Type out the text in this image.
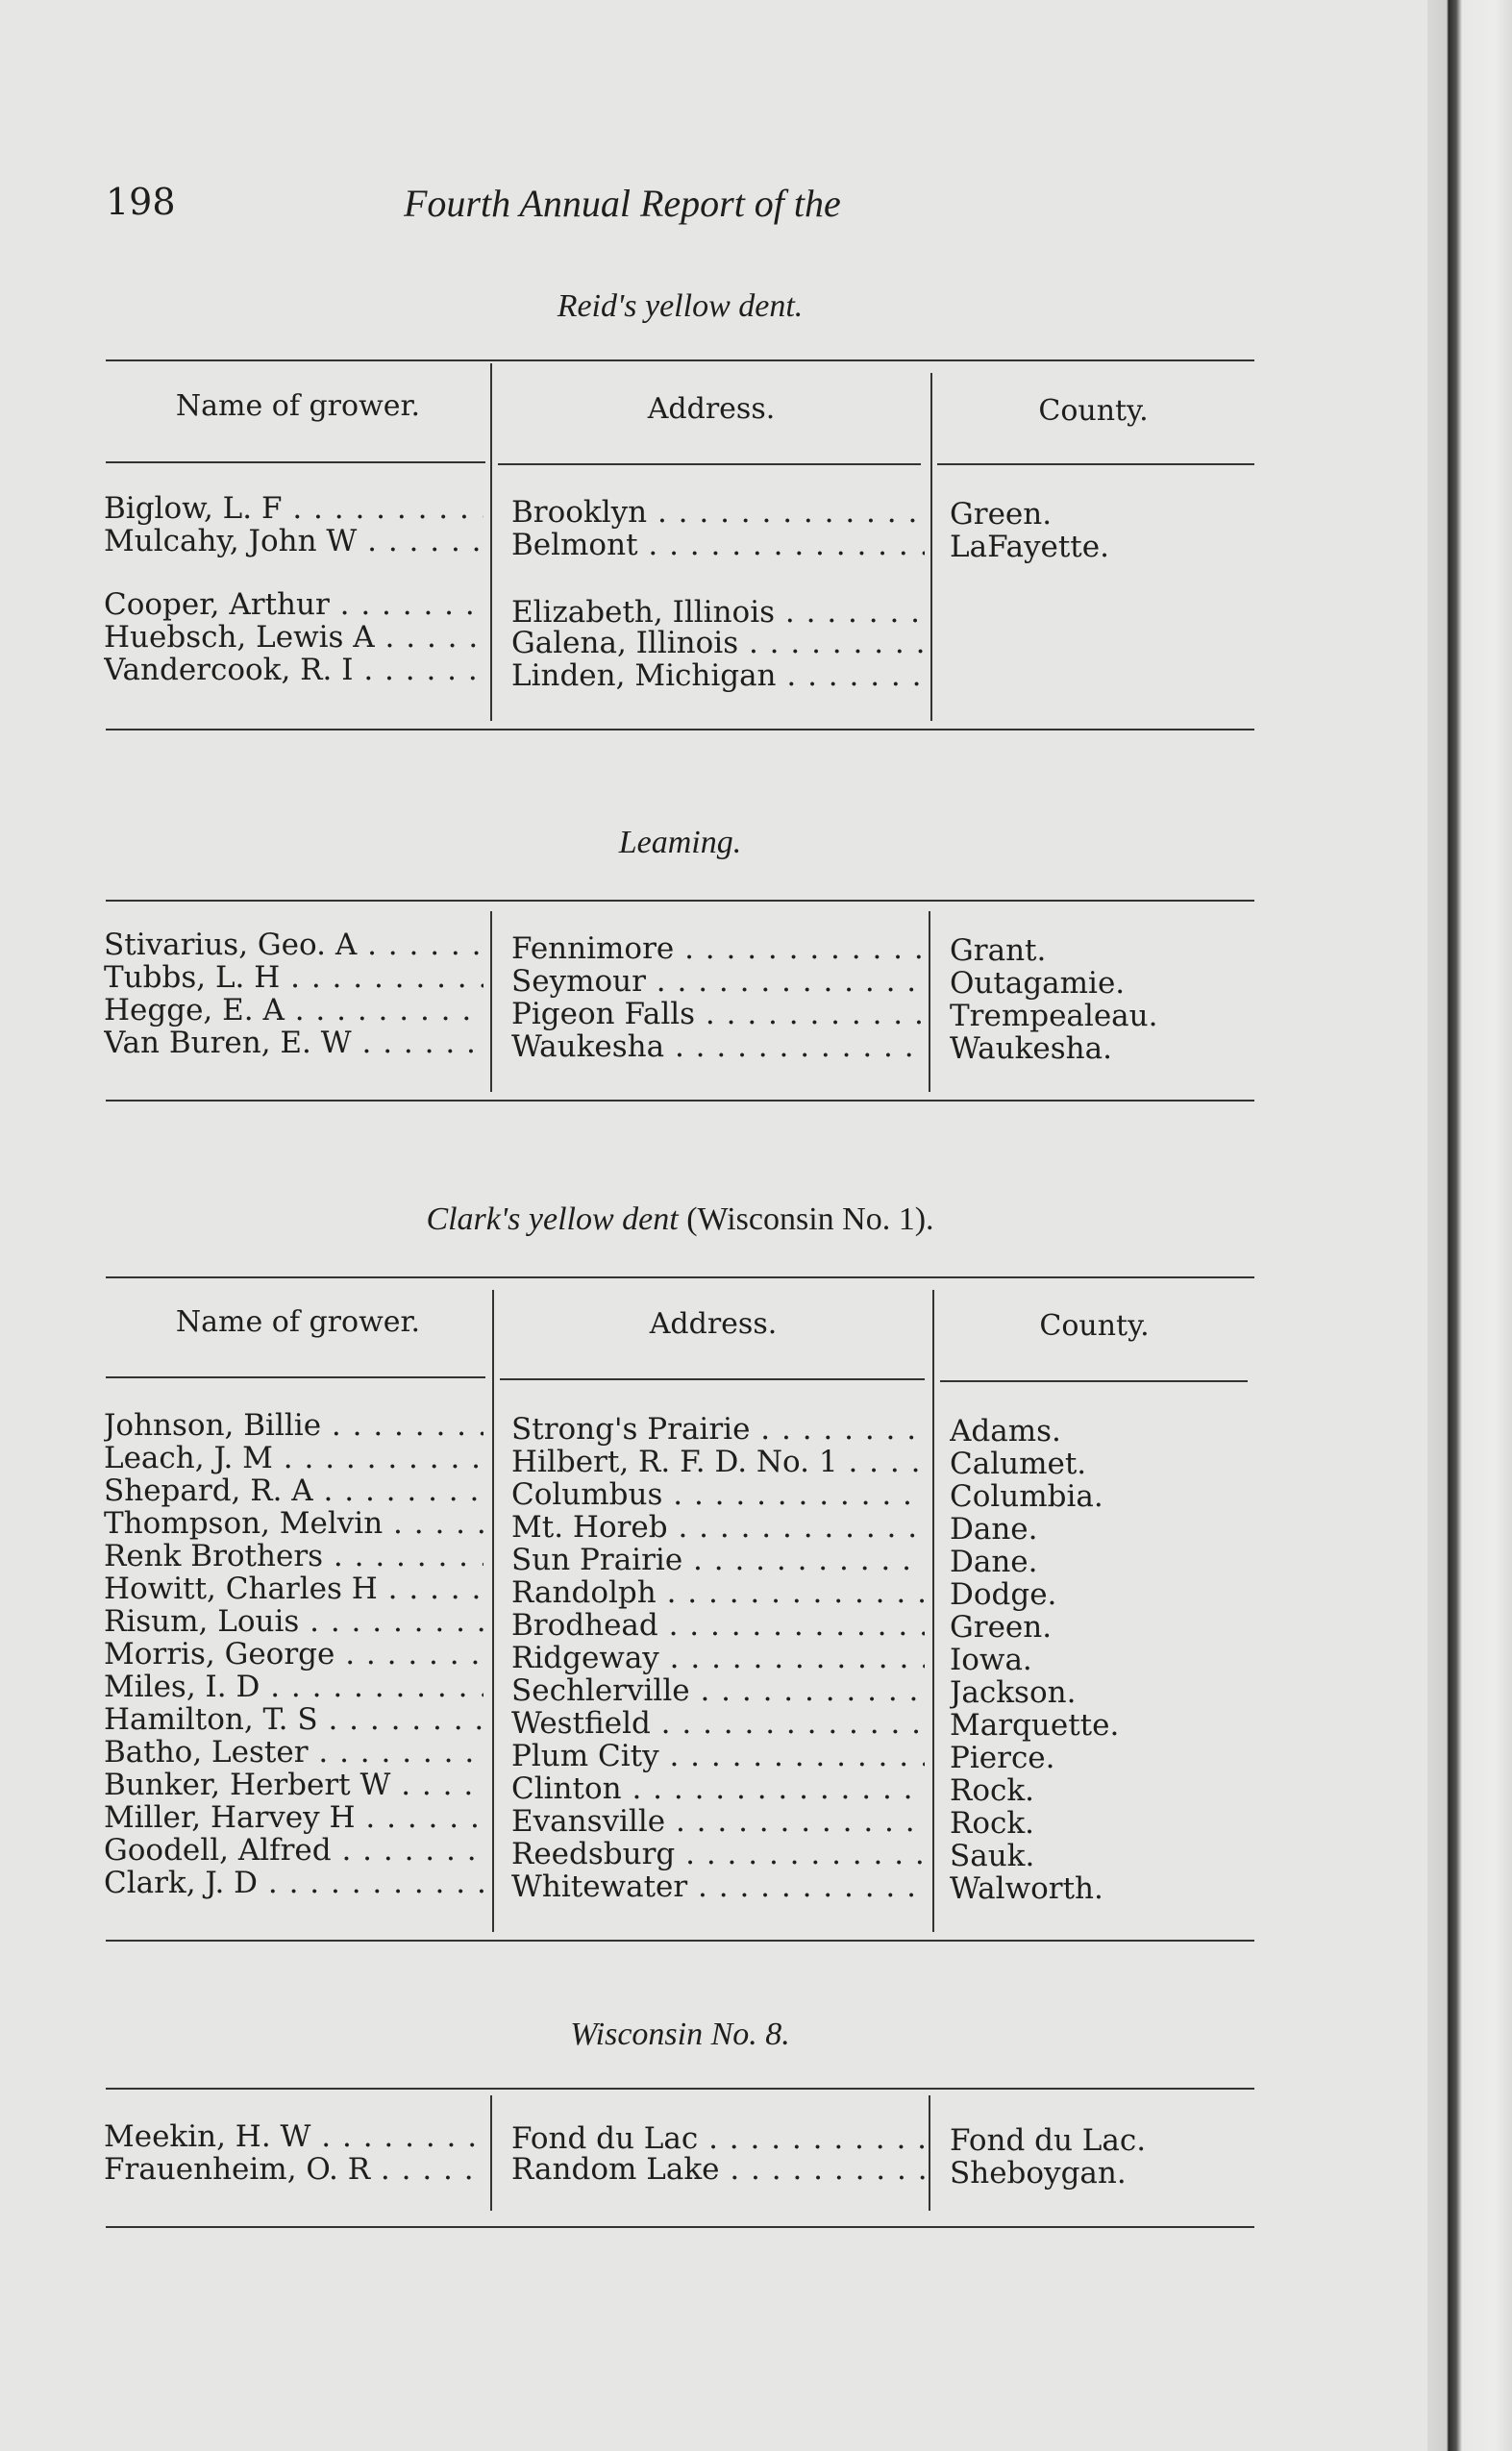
198	Fourth Annual Report of the
Reid's yellow dent.
Name of grower.	Address.	County.
Biglow, L. F . . .	Brooklyn . . .	Green.
Mulcahy, John W . . .	Belmont . . .	LaFayette.
Cooper, Arthur . . .	Elizabeth, Illinois . . .
Huebsch, Lewis A . . .	Galena, Illinois . . .
Vandercook, R. I . . .	Linden, Michigan . . .
Leaming.
Stivarius, Geo. A . . .	Fennimore . . .	Grant.
Tubbs, L. H . . .	Seymour . . .	Outagamie.
Hegge, E. A . . .	Pigeon Falls . . .	Trempealeau.
Van Buren, E. W . . .	Waukesha . . .	Waukesha.
Clark's yellow dent (Wisconsin No. 1).
Name of grower.	Address.	County.
Johnson, Billie . . .	Strong's Prairie . . .	Adams.
Leach, J. M . . .	Hilbert, R. F. D. No. 1 . . .	Calumet.
Shepard, R. A . . .	Columbus . . .	Columbia.
Thompson, Melvin . . .	Mt. Horeb . . .	Dane.
Renk Brothers . . .	Sun Prairie . . .	Dane.
Howitt, Charles H . . .	Randolph . . .	Dodge.
Risum, Louis . . .	Brodhead . . .	Green.
Morris, George . . .	Ridgeway . . .	Iowa.
Miles, I. D . . .	Sechlerville . . .	Jackson.
Hamilton, T. S . . .	Westfield . . .	Marquette.
Batho, Lester . . .	Plum City . . .	Pierce.
Bunker, Herbert W . . .	Clinton . . .	Rock.
Miller, Harvey H . . .	Evansville . . .	Rock.
Goodell, Alfred . . .	Reedsburg . . .	Sauk.
Clark, J. D . . .	Whitewater . . .	Walworth.
Wisconsin No. 8.
Meekin, H. W . . .	Fond du Lac . . .	Fond du Lac.
Frauenheim, O. R . . .	Random Lake . . .	Sheboygan.
